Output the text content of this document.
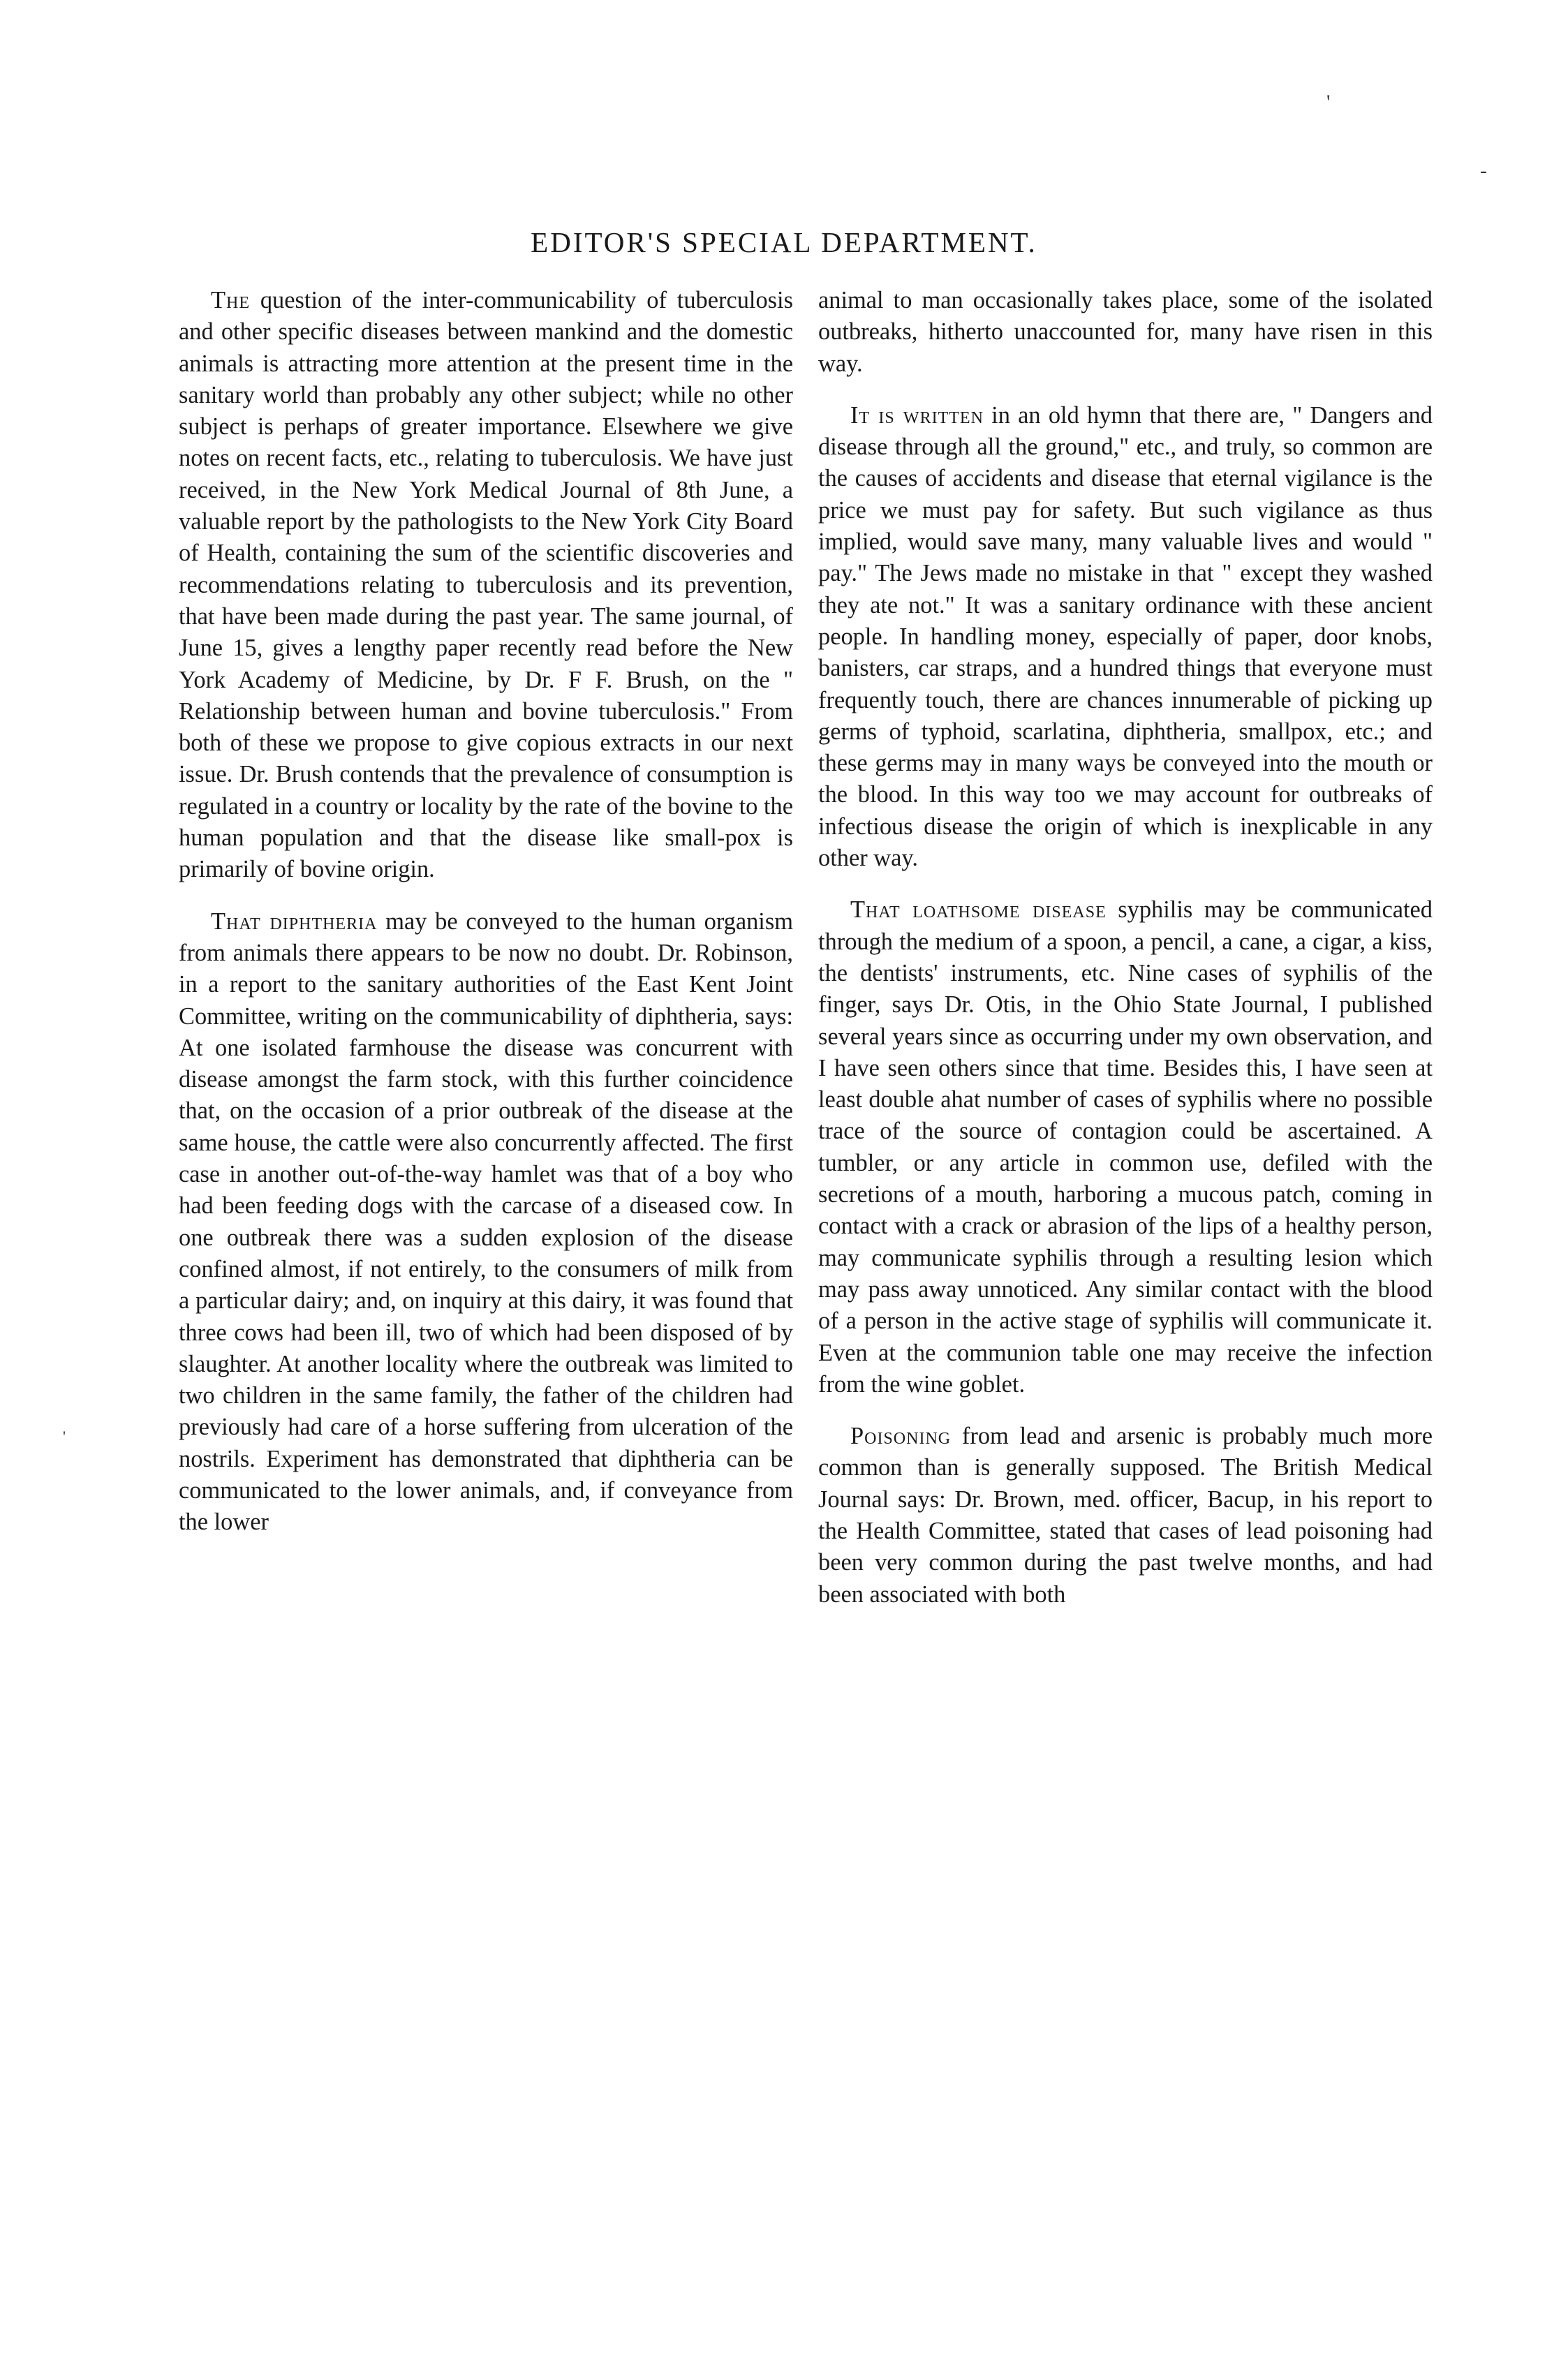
'
-
'
EDITOR'S SPECIAL DEPARTMENT.

The question of the inter-communicability of tuberculosis and other specific diseases between mankind and the domestic animals is attracting more attention at the present time in the sanitary world than probably any other subject; while no other subject is perhaps of greater importance. Elsewhere we give notes on recent facts, etc., relating to tuberculosis. We have just received, in the New York Medical Journal of 8th June, a valuable report by the pathologists to the New York City Board of Health, containing the sum of the scientific discoveries and recommendations relating to tuberculosis and its prevention, that have been made during the past year. The same journal, of June 15, gives a lengthy paper recently read before the New York Academy of Medicine, by Dr. F F. Brush, on the " Relationship between human and bovine tuberculosis." From both of these we propose to give copious extracts in our next issue. Dr. Brush contends that the prevalence of consumption is regulated in a country or locality by the rate of the bovine to the human population and that the disease like small-pox is primarily of bovine origin.

That diphtheria may be conveyed to the human organism from animals there appears to be now no doubt. Dr. Robinson, in a report to the sanitary authorities of the East Kent Joint Committee, writing on the communicability of diphtheria, says: At one isolated farmhouse the disease was concurrent with disease amongst the farm stock, with this further coincidence that, on the occasion of a prior outbreak of the disease at the same house, the cattle were also concurrently affected. The first case in another out-of-the-way hamlet was that of a boy who had been feeding dogs with the carcase of a diseased cow. In one outbreak there was a sudden explosion of the disease confined almost, if not entirely, to the consumers of milk from a particular dairy; and, on inquiry at this dairy, it was found that three cows had been ill, two of which had been disposed of by slaughter. At another locality where the outbreak was limited to two children in the same family, the father of the children had previously had care of a horse suffering from ulceration of the nostrils. Experiment has demonstrated that diphtheria can be communicated to the lower animals, and, if conveyance from the lower

animal to man occasionally takes place, some of the isolated outbreaks, hitherto unaccounted for, many have risen in this way.

It is written in an old hymn that there are, " Dangers and disease through all the ground," etc., and truly, so common are the causes of accidents and disease that eternal vigilance is the price we must pay for safety. But such vigilance as thus implied, would save many, many valuable lives and would " pay." The Jews made no mistake in that " except they washed they ate not." It was a sanitary ordinance with these ancient people. In handling money, especially of paper, door knobs, banisters, car straps, and a hundred things that everyone must frequently touch, there are chances innumerable of picking up germs of typhoid, scarlatina, diphtheria, smallpox, etc.; and these germs may in many ways be conveyed into the mouth or the blood. In this way too we may account for outbreaks of infectious disease the origin of which is inexplicable in any other way.

That loathsome disease syphilis may be communicated through the medium of a spoon, a pencil, a cane, a cigar, a kiss, the dentists' instruments, etc. Nine cases of syphilis of the finger, says Dr. Otis, in the Ohio State Journal, I published several years since as occurring under my own observation, and I have seen others since that time. Besides this, I have seen at least double ahat number of cases of syphilis where no possible trace of the source of contagion could be ascertained. A tumbler, or any article in common use, defiled with the secretions of a mouth, harboring a mucous patch, coming in contact with a crack or abrasion of the lips of a healthy person, may communicate syphilis through a resulting lesion which may pass away unnoticed. Any similar contact with the blood of a person in the active stage of syphilis will communicate it. Even at the communion table one may receive the infection from the wine goblet.

Poisoning from lead and arsenic is probably much more common than is generally supposed. The British Medical Journal says: Dr. Brown, med. officer, Bacup, in his report to the Health Committee, stated that cases of lead poisoning had been very common during the past twelve months, and had been associated with both
